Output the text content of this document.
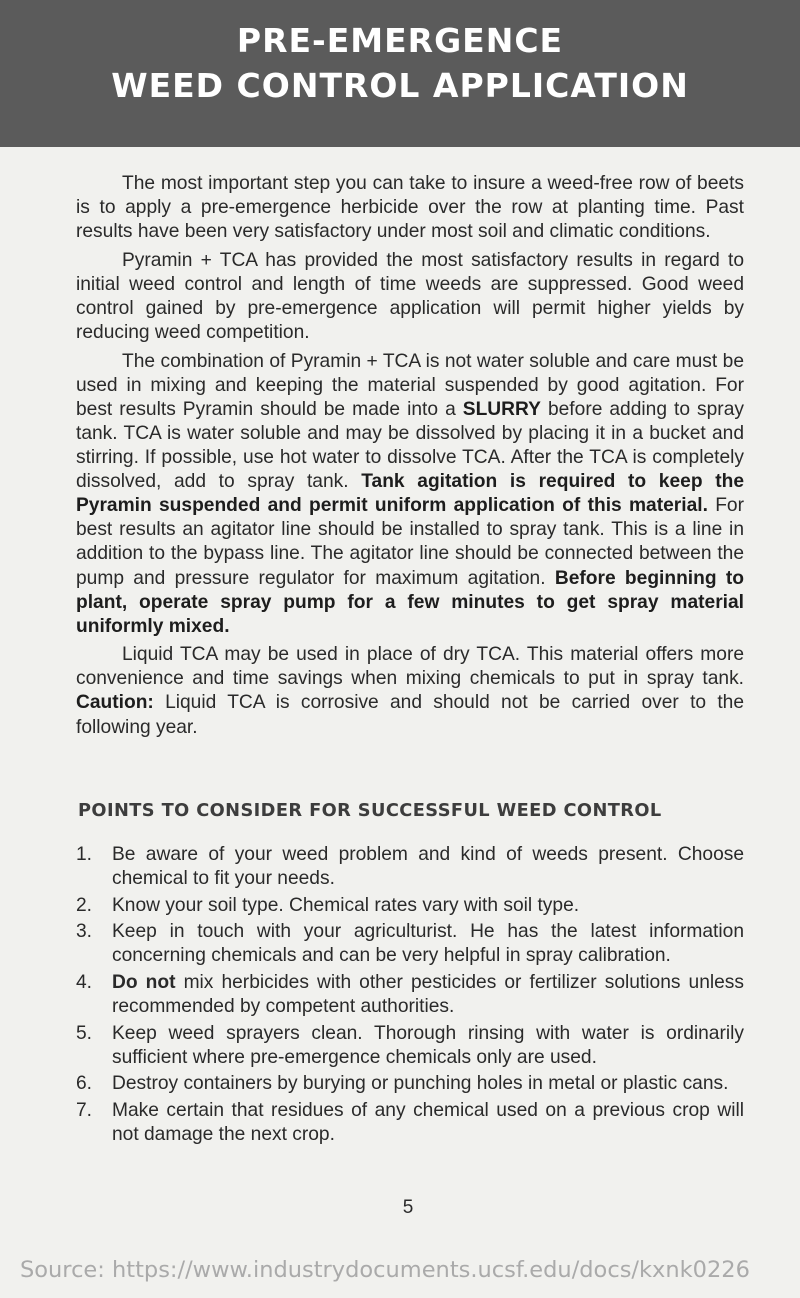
PRE-EMERGENCE
WEED CONTROL APPLICATION

The most important step you can take to insure a weed-free row of beets is to apply a pre-emergence herbicide over the row at planting time. Past results have been very satisfactory under most soil and climatic conditions.

Pyramin + TCA has provided the most satisfactory results in regard to initial weed control and length of time weeds are suppressed. Good weed control gained by pre-emergence application will permit higher yields by reducing weed competition.

The combination of Pyramin + TCA is not water soluble and care must be used in mixing and keeping the material suspended by good agitation. For best results Pyramin should be made into a SLURRY before adding to spray tank. TCA is water soluble and may be dissolved by placing it in a bucket and stirring. If possible, use hot water to dissolve TCA. After the TCA is completely dissolved, add to spray tank. Tank agitation is required to keep the Pyramin suspended and permit uniform application of this material. For best results an agitator line should be installed to spray tank. This is a line in addition to the bypass line. The agitator line should be connected between the pump and pressure regulator for maximum agitation. Before beginning to plant, operate spray pump for a few minutes to get spray material uniformly mixed.

Liquid TCA may be used in place of dry TCA. This material offers more convenience and time savings when mixing chemicals to put in spray tank. Caution: Liquid TCA is corrosive and should not be carried over to the following year.

POINTS TO CONSIDER FOR SUCCESSFUL WEED CONTROL
1. Be aware of your weed problem and kind of weeds present. Choose chemical to fit your needs.
2. Know your soil type. Chemical rates vary with soil type.
3. Keep in touch with your agriculturist. He has the latest information concerning chemicals and can be very helpful in spray calibration.
4. Do not mix herbicides with other pesticides or fertilizer solutions unless recommended by competent authorities.
5. Keep weed sprayers clean. Thorough rinsing with water is ordinarily sufficient where pre-emergence chemicals only are used.
6. Destroy containers by burying or punching holes in metal or plastic cans.
7. Make certain that residues of any chemical used on a previous crop will not damage the next crop.
5
Source: https://www.industrydocuments.ucsf.edu/docs/kxnk0226
